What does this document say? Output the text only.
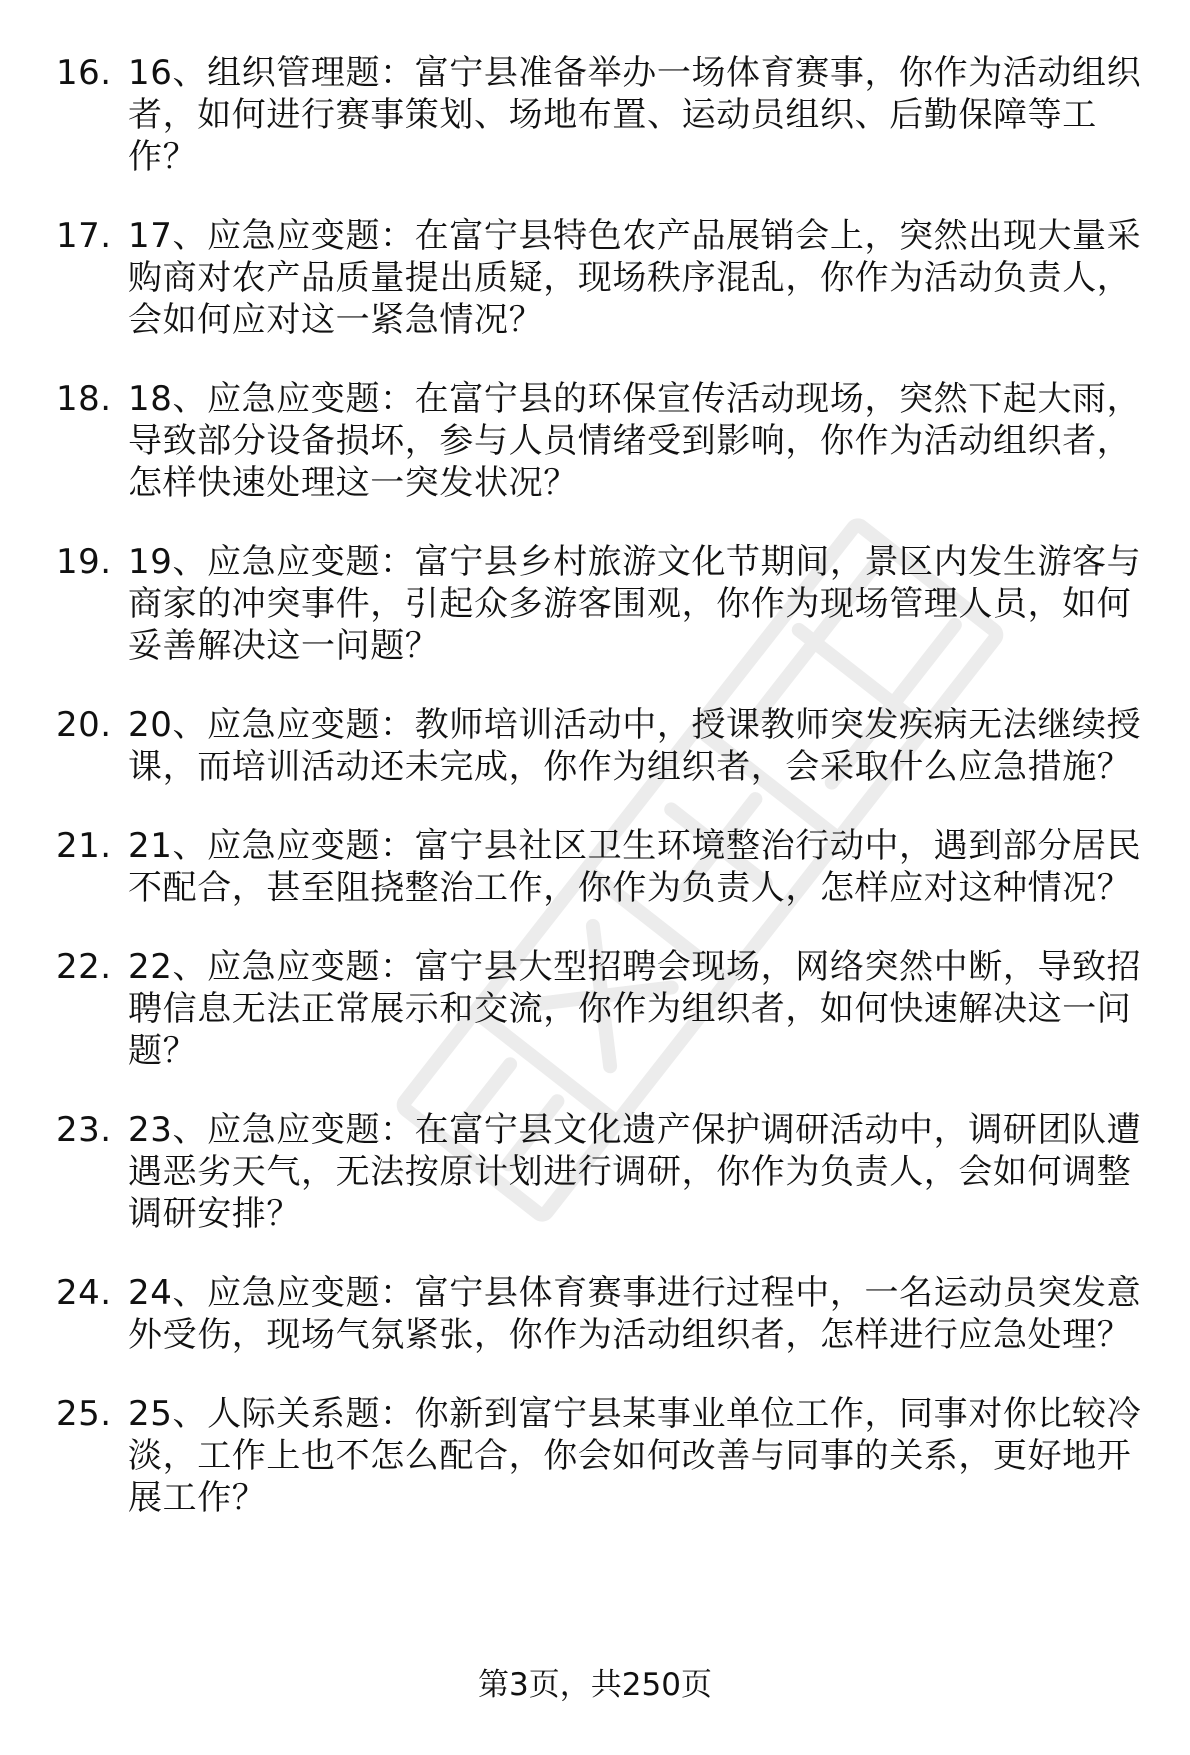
16. 16、组织管理题：富宁县准备举办一场体育赛事，你作为活动组织者，如何进行赛事策划、场地布置、运动员组织、后勤保障等工作？
17. 17、应急应变题：在富宁县特色农产品展销会上，突然出现大量采购商对农产品质量提出质疑，现场秩序混乱，你作为活动负责人，会如何应对这一紧急情况？
18. 18、应急应变题：在富宁县的环保宣传活动现场，突然下起大雨，导致部分设备损坏，参与人员情绪受到影响，你作为活动组织者，怎样快速处理这一突发状况？
19. 19、应急应变题：富宁县乡村旅游文化节期间，景区内发生游客与商家的冲突事件，引起众多游客围观，你作为现场管理人员，如何妥善解决这一问题？
20. 20、应急应变题：教师培训活动中，授课教师突发疾病无法继续授课，而培训活动还未完成，你作为组织者，会采取什么应急措施？
21. 21、应急应变题：富宁县社区卫生环境整治行动中，遇到部分居民不配合，甚至阻挠整治工作，你作为负责人，怎样应对这种情况？
22. 22、应急应变题：富宁县大型招聘会现场，网络突然中断，导致招聘信息无法正常展示和交流，你作为组织者，如何快速解决这一问题？
23. 23、应急应变题：在富宁县文化遗产保护调研活动中，调研团队遭遇恶劣天气，无法按原计划进行调研，你作为负责人，会如何调整调研安排？
24. 24、应急应变题：富宁县体育赛事进行过程中，一名运动员突发意外受伤，现场气氛紧张，你作为活动组织者，怎样进行应急处理？
25. 25、人际关系题：你新到富宁县某事业单位工作，同事对你比较冷淡，工作上也不怎么配合，你会如何改善与同事的关系，更好地开展工作？
第3页，共250页
